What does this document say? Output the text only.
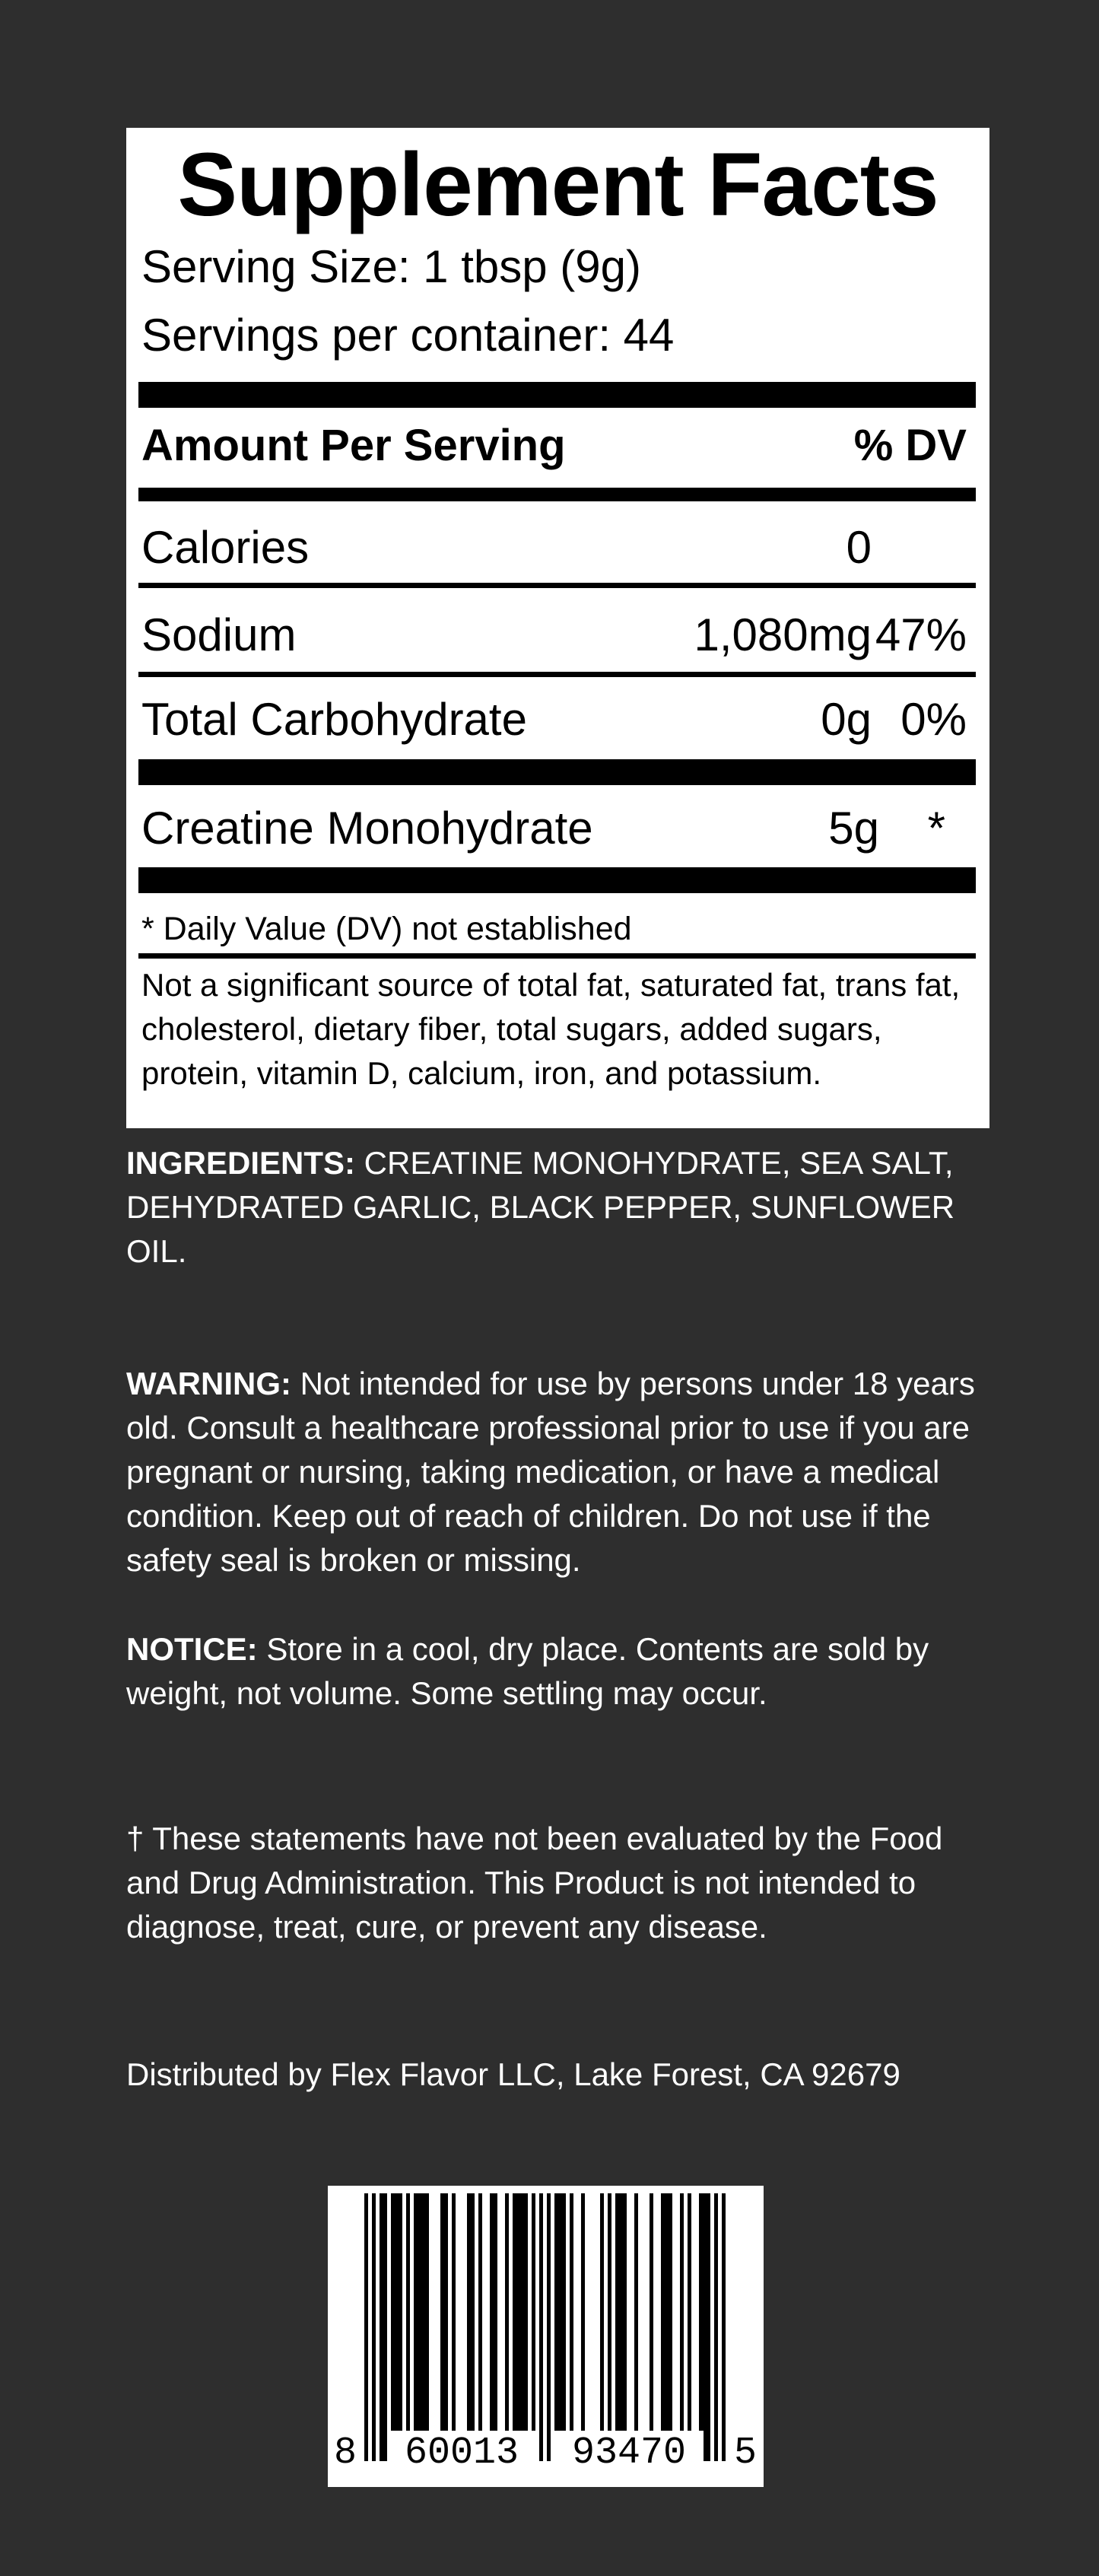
Supplement Facts
Serving Size: 1 tbsp (9g)
Servings per container: 44
Amount Per Serving	% DV
Calories	0
Sodium	1,080mg 47%
Total Carbohydrate	0g 0%
Creatine Monohydrate	5g *
* Daily Value (DV) not established
Not a significant source of total fat, saturated fat, trans fat, cholesterol, dietary fiber, total sugars, added sugars, protein, vitamin D, calcium, iron, and potassium.
INGREDIENTS: CREATINE MONOHYDRATE, SEA SALT, DEHYDRATED GARLIC, BLACK PEPPER, SUNFLOWER OIL.
WARNING: Not intended for use by persons under 18 years old. Consult a healthcare professional prior to use if you are pregnant or nursing, taking medication, or have a medical condition. Keep out of reach of children. Do not use if the safety seal is broken or missing.
NOTICE: Store in a cool, dry place. Contents are sold by weight, not volume. Some settling may occur.
† These statements have not been evaluated by the Food and Drug Administration. This Product is not intended to diagnose, treat, cure, or prevent any disease.
Distributed by Flex Flavor LLC, Lake Forest, CA 92679
8	60013	93470	5
